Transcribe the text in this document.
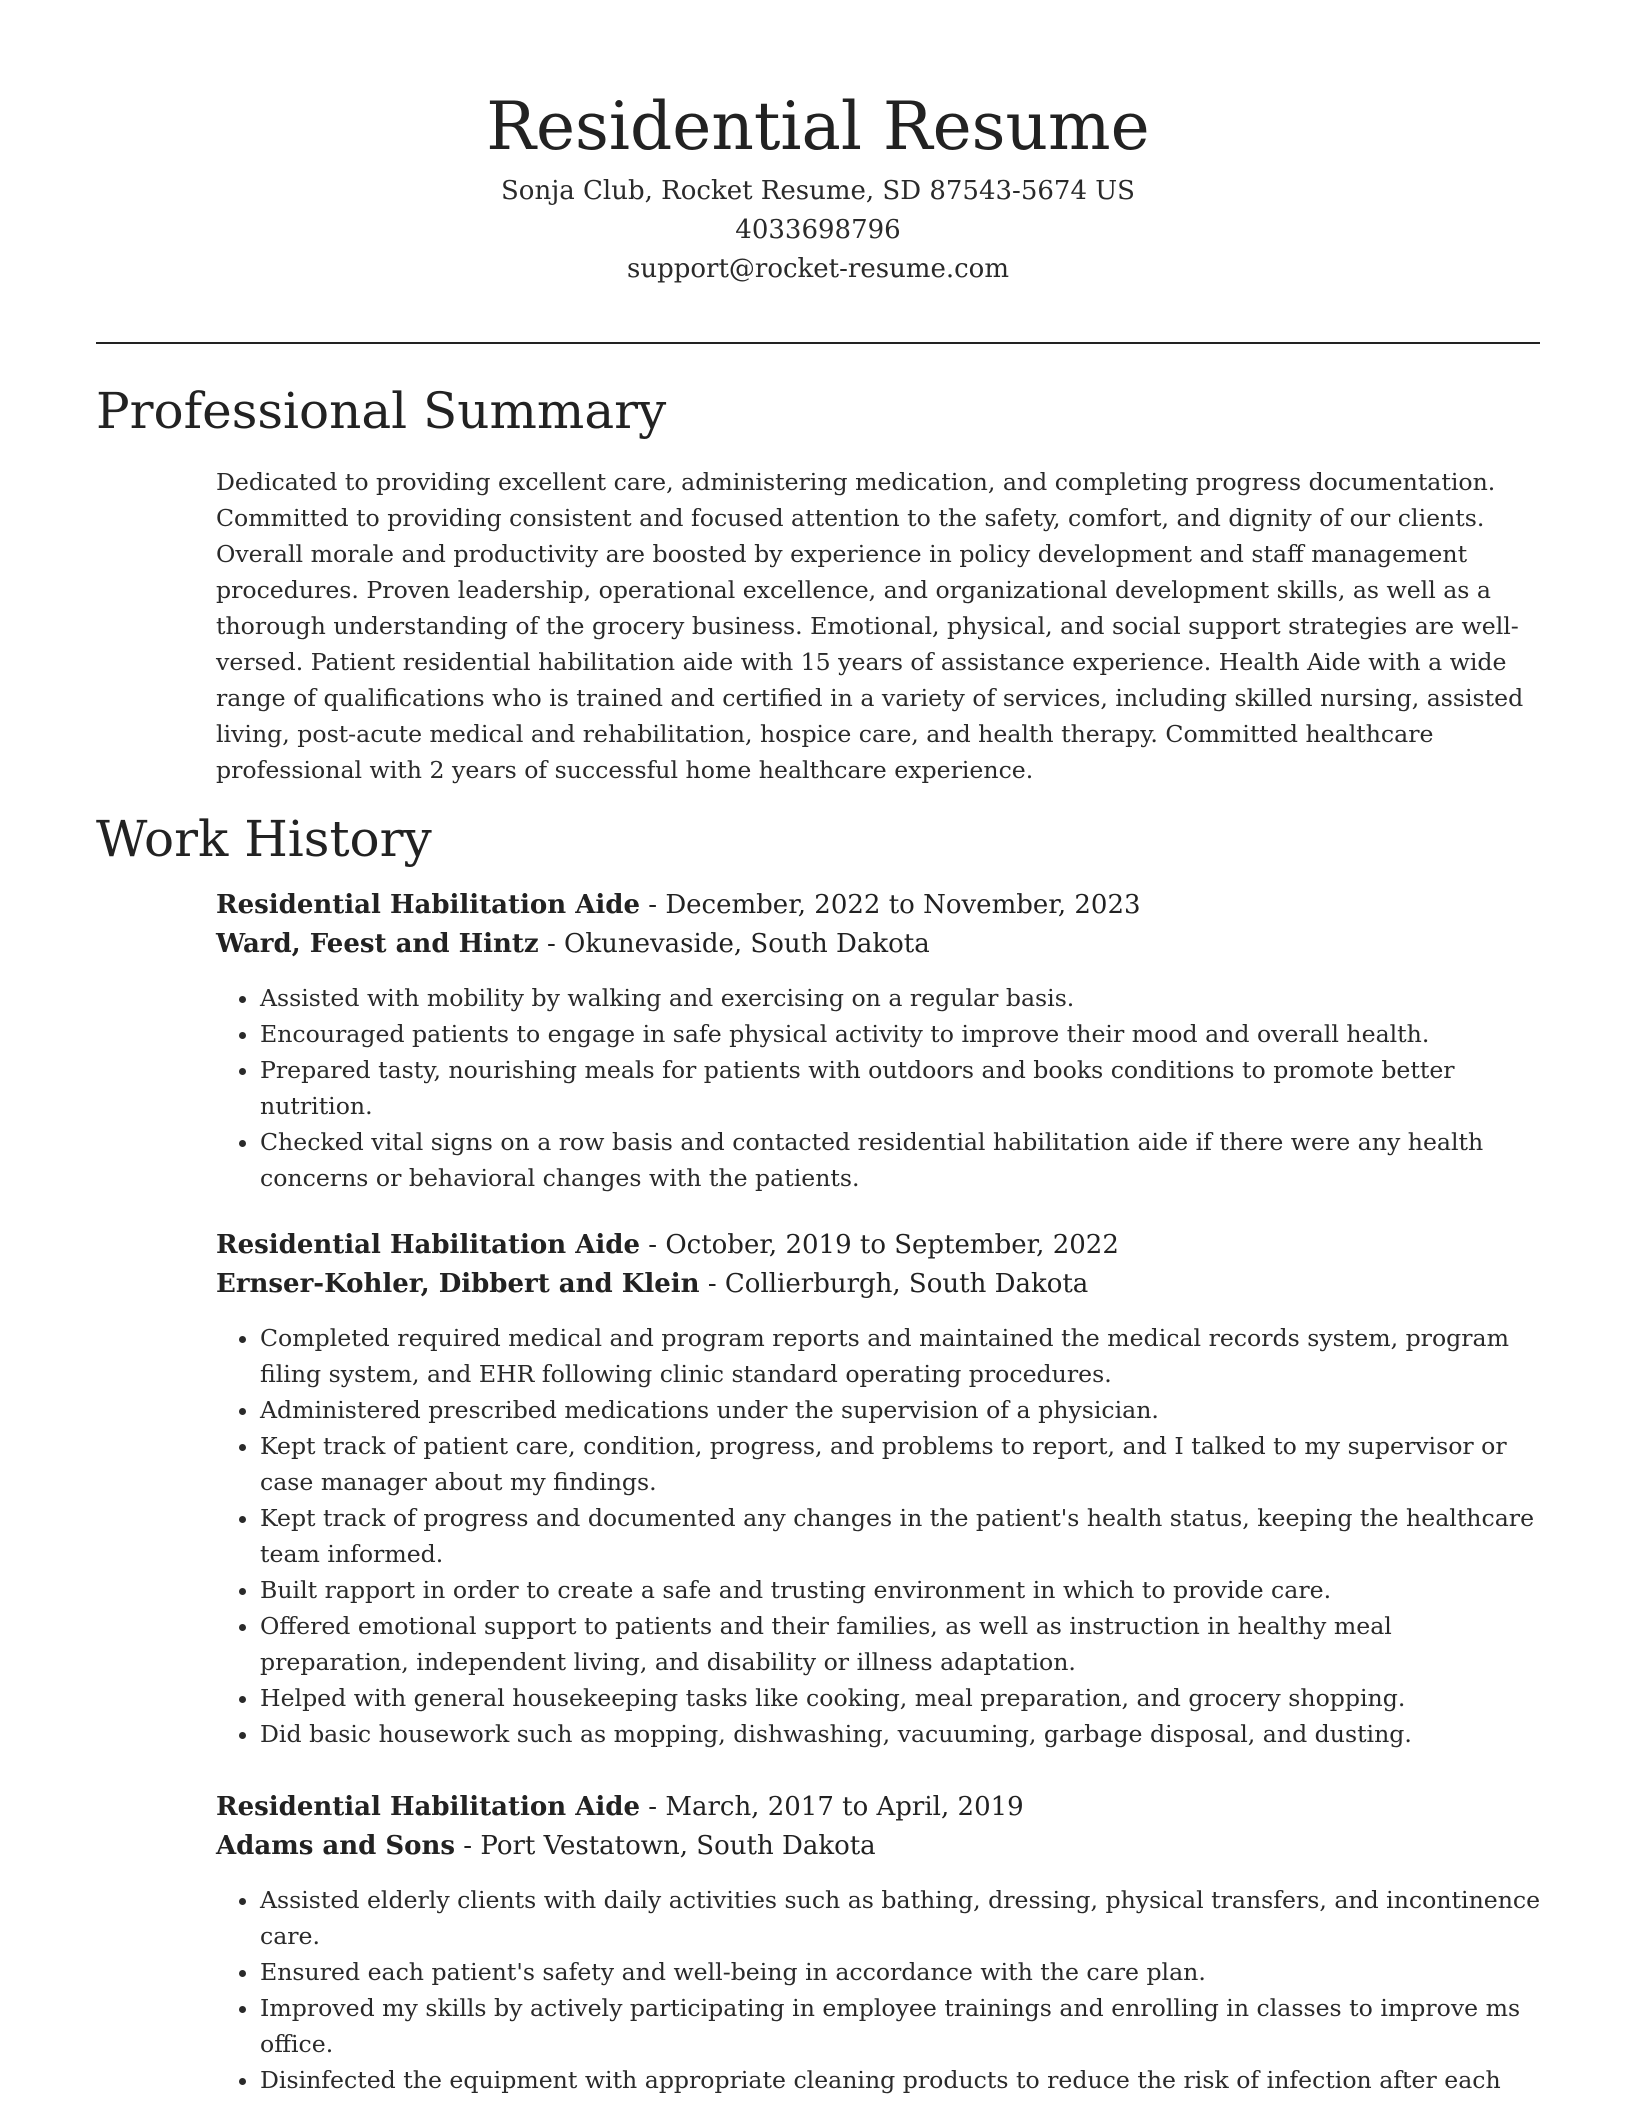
Residential Resume
Sonja Club, Rocket Resume, SD 87543-5674 US
4033698796
support@rocket-resume.com
Professional Summary

Dedicated to providing excellent care, administering medication, and completing progress documentation. Committed to providing consistent and focused attention to the safety, comfort, and dignity of our clients. Overall morale and productivity are boosted by experience in policy development and staff management procedures. Proven leadership, operational excellence, and organizational development skills, as well as a thorough understanding of the grocery business. Emotional, physical, and social support strategies are well-versed. Patient residential habilitation aide with 15 years of assistance experience. Health Aide with a wide range of qualifications who is trained and certified in a variety of services, including skilled nursing, assisted living, post-acute medical and rehabilitation, hospice care, and health therapy. Committed healthcare professional with 2 years of successful home healthcare experience.

Work History
Residential Habilitation Aide - December, 2022 to November, 2023
Ward, Feest and Hintz - Okunevaside, South Dakota
• Assisted with mobility by walking and exercising on a regular basis.
• Encouraged patients to engage in safe physical activity to improve their mood and overall health.
• Prepared tasty, nourishing meals for patients with outdoors and books conditions to promote better nutrition.
• Checked vital signs on a row basis and contacted residential habilitation aide if there were any health concerns or behavioral changes with the patients.
Residential Habilitation Aide - October, 2019 to September, 2022
Ernser-Kohler, Dibbert and Klein - Collierburgh, South Dakota
• Completed required medical and program reports and maintained the medical records system, program filing system, and EHR following clinic standard operating procedures.
• Administered prescribed medications under the supervision of a physician.
• Kept track of patient care, condition, progress, and problems to report, and I talked to my supervisor or case manager about my findings.
• Kept track of progress and documented any changes in the patient's health status, keeping the healthcare team informed.
• Built rapport in order to create a safe and trusting environment in which to provide care.
• Offered emotional support to patients and their families, as well as instruction in healthy meal preparation, independent living, and disability or illness adaptation.
• Helped with general housekeeping tasks like cooking, meal preparation, and grocery shopping.
• Did basic housework such as mopping, dishwashing, vacuuming, garbage disposal, and dusting.
Residential Habilitation Aide - March, 2017 to April, 2019
Adams and Sons - Port Vestatown, South Dakota
• Assisted elderly clients with daily activities such as bathing, dressing, physical transfers, and incontinence care.
• Ensured each patient's safety and well-being in accordance with the care plan.
• Improved my skills by actively participating in employee trainings and enrolling in classes to improve ms office.
• Disinfected the equipment with appropriate cleaning products to reduce the risk of infection after each
